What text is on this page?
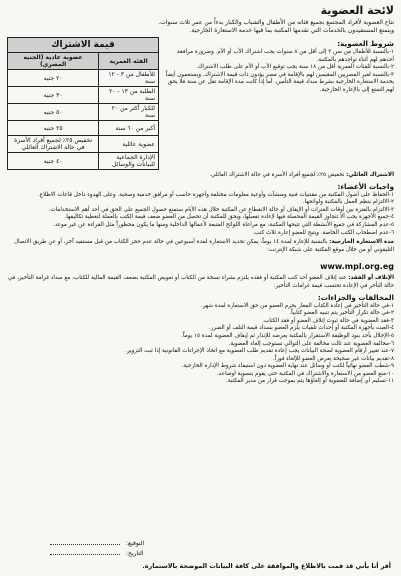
لائحة العضوية

تتاح العضوية لأفراد المجتمع بجميع فئاته من الأطفال والشباب والكبار بدءاً من عمر ثلاث سنوات.

ويتمتع المستفيدون بالخدمات التي تقدمها المكتبة بما فيها خدمة الاستعارة الخارجية.

شروط العضوية:

١-بالنسبة للأطفال من سن ٣ إلى أقل من ٨ سنوات يجب اشتراك الأب أو الأم. وضرورة مرافقة أحدهم لهم أثناء تواجدهم بالمكتبة.

٢-بالنسبة للفئات العمرية أقل من ١٨ سنة يجب توقيع الأب أو الأم على طلب الاشتراك.

٣-بالنسبة لغير المصريين المقيمين لهم بالإقامة في مصر يؤدون ذات قيمة الاشتراك، ويستعمون أيضاً بخدمة الاستعارة الخارجية بشرط سداد قيمة التأمين. أما إذا كانت مدة الإقامة تقل عن سنة فلا يحق لهم التمتع إلى بالإعارة الخارجية.

قيمة الاشتراك	
الفئة العمرية	عضوية عادية (الجنيه المصري)
للأطفال من ٣ - ١٢ سنة	٢٠ جنيه
الطلبة من ١٣ - ٢٠ سنة	٣٠ جنيه
للكبار أكثر من ٢٠ سنة	٥٠ جنيه
أكبر من ٦٠ سنة	٢٥ جنيه
عضوية عائلية	تخفيض ٢٥٪ لجميع أفراد الأسرة في حالة الاشتراك العائلي
الإدارة الجماعية للبيانات والوسائل	٤٠ جنيه

الاشتراك العائلي: تخفيض ٢٥٪ لجميع أفراد الأسرة في حالة الاشتراك العائلي.

واجبات الأعضاء:

١-الحفاظ على أصول المكتبة من مقتنيات فنية ومنشآت وأوعية معلومات مختلفة وأجهزة حاسب أو مرافق خدمية وصحية. وعلى الهدوء داخل قاعات الاطلاع.

٢-الالتزام بنظم العمل بالمكتبة ولوائحها.

٣-الالتزام بالفترة بين أوقات الفترات أو الإيقاف أو حالة الانقطاع عن المكتبة خلال هذه الأيام ستمنع حصول الجميع على الحق في أحد أهم الاستخدامات.

٤-جميع الأجهزة يجب ألا تتجاوز القيمة المحصلة فيها لإعادة تفعيلها، ويحق للمكتبة أن تحصل من العضو ضعف قيمة الكتب بالعملة لتغطية تكاليفها.

٥-عدم المشاركة في جميع الأنشطة التي تتيحها المكتبة، مع مراعاة اللوائح المتبعة لأعمالها الداخلية ومنها ما يكون محظوراً مثل القراءة عن غير موعد.

٦-عدم اصطحاب الكتب الخاصة. ويتيح للعضو إعارة ثلاث كتب.

مدة الاستعارة الخارجية: بالنسبة للإعارة لمدة ١٤ يوماً، يمكن تجديد الاستعارة لمدة أسبوعين في حالة عدم حجز الكتاب من قبل مستفيد آخر، أو عن طريق الاتصال التليفوني أو من خلال موقع المكتبة على شبكة الإنترنت:

www.mpl.org.eg

الإتلاف أو الفقد: عند إتلاف العضو أحد كتب المكتبة أو فقده يلتزم بشراء نسخة من الكتاب أو تعويض المكتبة بضعف القيمة المالية للكتاب، مع سداد غرامة التأخير، في حالة التأخر في الإعادة تحتسب قيمة غرامات التأخير.

المخالفات والجزاءات:

١-في حالة التأخير في إعادة الكتاب المعار يحرم العضو من حق الاستعارة لمدة شهر.

٢-في حالة تكرار التأخير يتم تنبيه العضو كتابياً.

٣-فقد العضوية في حالة ثبوت إتلاف العضو أو فقد الكتاب.

٤-العبث بأجهزة المكتبة أو إحداث تلفيات يلزم العضو بسداد قيمة التلف أو الضرر.

٥-الإخلال بأحد بنود الوظيفة الاستقرار بالمكتبة يعرضه للإنذار ثم إيقاف العضوية لمدة ١٥ يوماً.

٦-مخالفة العضوية عند ثالث مخالفة على التوالي تستوجب إلغاء العضوية.

٧-عند تغيير أرقام العضوية لصحة البيانات يجب إعادة تقديم طلب العضوية مع اتخاذ الإجراءات القانونية إذا ثبت التزوير.

٨-تقديم بيانات غير صحيحة يعرض العضو للإلغاء فوراً.

٩-شطب العضو نهائياً لكتب أو وسائل عند نهاية العضوية دون استيفاء شروط الإدارة الخارجية.

١٠-منع العضو من الاستعارة والاشتراك في المكتبة حتى يقوم بتسوية أوضاعه.

١١-تسليم أي إضافة للعضوية أو إلغاؤها يتم بموجب قرار من مدير المكتبة.

التوقيع:
التاريخ:
أقر أنا بأني قد قمت بالاطلاع والموافقة على كافة البيانات الموضحة بالاستمارة.
